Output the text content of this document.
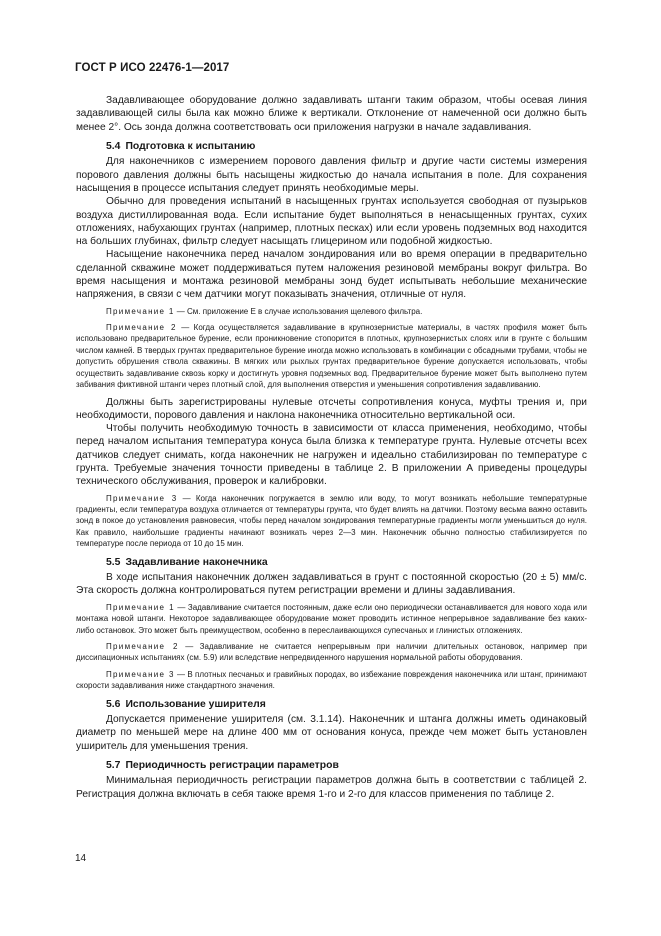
ГОСТ Р ИСО 22476-1—2017

Задавливающее оборудование должно задавливать штанги таким образом, чтобы осевая линия задавливающей силы была как можно ближе к вертикали. Отклонение от намеченной оси должно быть менее 2°. Ось зонда должна соответствовать оси приложения нагрузки в начале задавливания.

5.4 Подготовка к испытанию

Для наконечников с измерением порового давления фильтр и другие части системы измерения порового давления должны быть насыщены жидкостью до начала испытания в поле. Для сохранения насыщения в процессе испытания следует принять необходимые меры.

Обычно для проведения испытаний в насыщенных грунтах используется свободная от пузырьков воздуха дистиллированная вода. Если испытание будет выполняться в ненасыщенных грунтах, сухих отложениях, набухающих грунтах (например, плотных песках) или если уровень подземных вод находится на больших глубинах, фильтр следует насыщать глицерином или подобной жидкостью.

Насыщение наконечника перед началом зондирования или во время операции в предварительно сделанной скважине может поддерживаться путем наложения резиновой мембраны вокруг фильтра. Во время насыщения и монтажа резиновой мембраны зонд будет испытывать небольшие механические напряжения, в связи с чем датчики могут показывать значения, отличные от нуля.

Примечание 1 — См. приложение E в случае использования щелевого фильтра.

Примечание 2 — Когда осуществляется задавливание в крупнозернистые материалы, в частях профиля может быть использовано предварительное бурение, если проникновение стопорится в плотных, крупнозернистых слоях или в грунте с большим числом камней. В твердых грунтах предварительное бурение иногда можно использовать в комбинации с обсадными трубами, чтобы не допустить обрушения ствола скважины. В мягких или рыхлых грунтах предварительное бурение допускается использовать, чтобы осуществить задавливание сквозь корку и достигнуть уровня подземных вод. Предварительное бурение может быть выполнено путем забивания фиктивной штанги через плотный слой, для выполнения отверстия и уменьшения сопротивления задавливанию.

Должны быть зарегистрированы нулевые отсчеты сопротивления конуса, муфты трения и, при необходимости, порового давления и наклона наконечника относительно вертикальной оси.

Чтобы получить необходимую точность в зависимости от класса применения, необходимо, чтобы перед началом испытания температура конуса была близка к температуре грунта. Нулевые отсчеты всех датчиков следует снимать, когда наконечник не нагружен и идеально стабилизирован по температуре с грунта. Требуемые значения точности приведены в таблице 2. В приложении А приведены процедуры технического обслуживания, проверок и калибровки.

Примечание 3 — Когда наконечник погружается в землю или воду, то могут возникать небольшие температурные градиенты, если температура воздуха отличается от температуры грунта, что будет влиять на датчики. Поэтому весьма важно оставить зонд в покое до установления равновесия, чтобы перед началом зондирования температурные градиенты могли уменьшиться до нуля. Как правило, наибольшие градиенты начинают возникать через 2—3 мин. Наконечник обычно полностью стабилизируется по температуре после периода от 10 до 15 мин.

5.5 Задавливание наконечника

В ходе испытания наконечник должен задавливаться в грунт с постоянной скоростью (20 ± 5) мм/с. Эта скорость должна контролироваться путем регистрации времени и длины задавливания.

Примечание 1 — Задавливание считается постоянным, даже если оно периодически останавливается для нового хода или монтажа новой штанги. Некоторое задавливающее оборудование может проводить истинное непрерывное задавливание без каких-либо остановок. Это может быть преимуществом, особенно в переслаивающихся супесчаных и глинистых отложениях.

Примечание 2 — Задавливание не считается непрерывным при наличии длительных остановок, например при диссипационных испытаниях (см. 5.9) или вследствие непредвиденного нарушения нормальной работы оборудования.

Примечание 3 — В плотных песчаных и гравийных породах, во избежание повреждения наконечника или штанг, принимают скорости задавливания ниже стандартного значения.

5.6 Использование уширителя

Допускается применение уширителя (см. 3.1.14). Наконечник и штанга должны иметь одинаковый диаметр по меньшей мере на длине 400 мм от основания конуса, прежде чем может быть установлен уширитель для уменьшения трения.

5.7 Периодичность регистрации параметров

Минимальная периодичность регистрации параметров должна быть в соответствии с таблицей 2. Регистрация должна включать в себя также время 1-го и 2-го для классов применения по таблице 2.

14
